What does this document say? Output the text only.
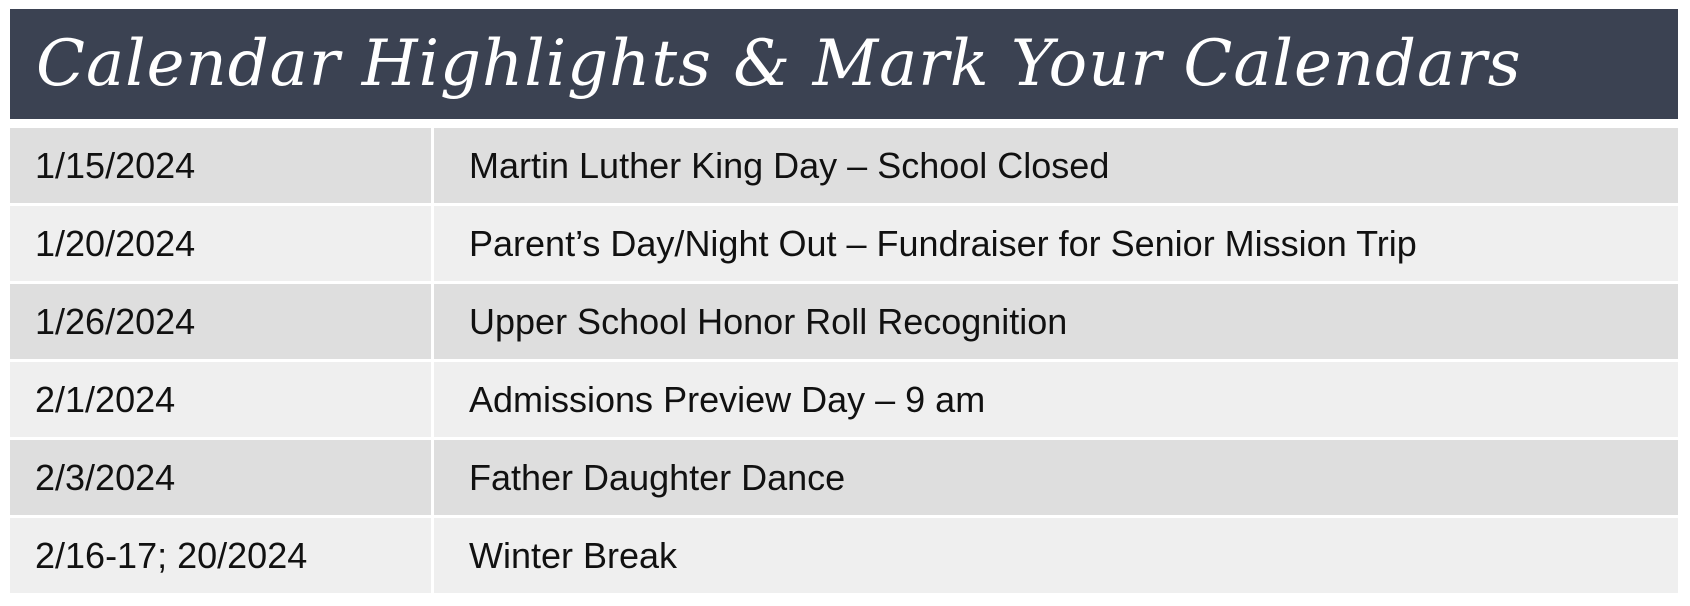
Calendar Highlights & Mark Your Calendars
1/15/2024	Martin Luther King Day – School Closed
1/20/2024	Parent’s Day/Night Out – Fundraiser for Senior Mission Trip
1/26/2024	Upper School Honor Roll Recognition
2/1/2024	Admissions Preview Day – 9 am
2/3/2024	Father Daughter Dance
2/16-17; 20/2024	Winter Break
